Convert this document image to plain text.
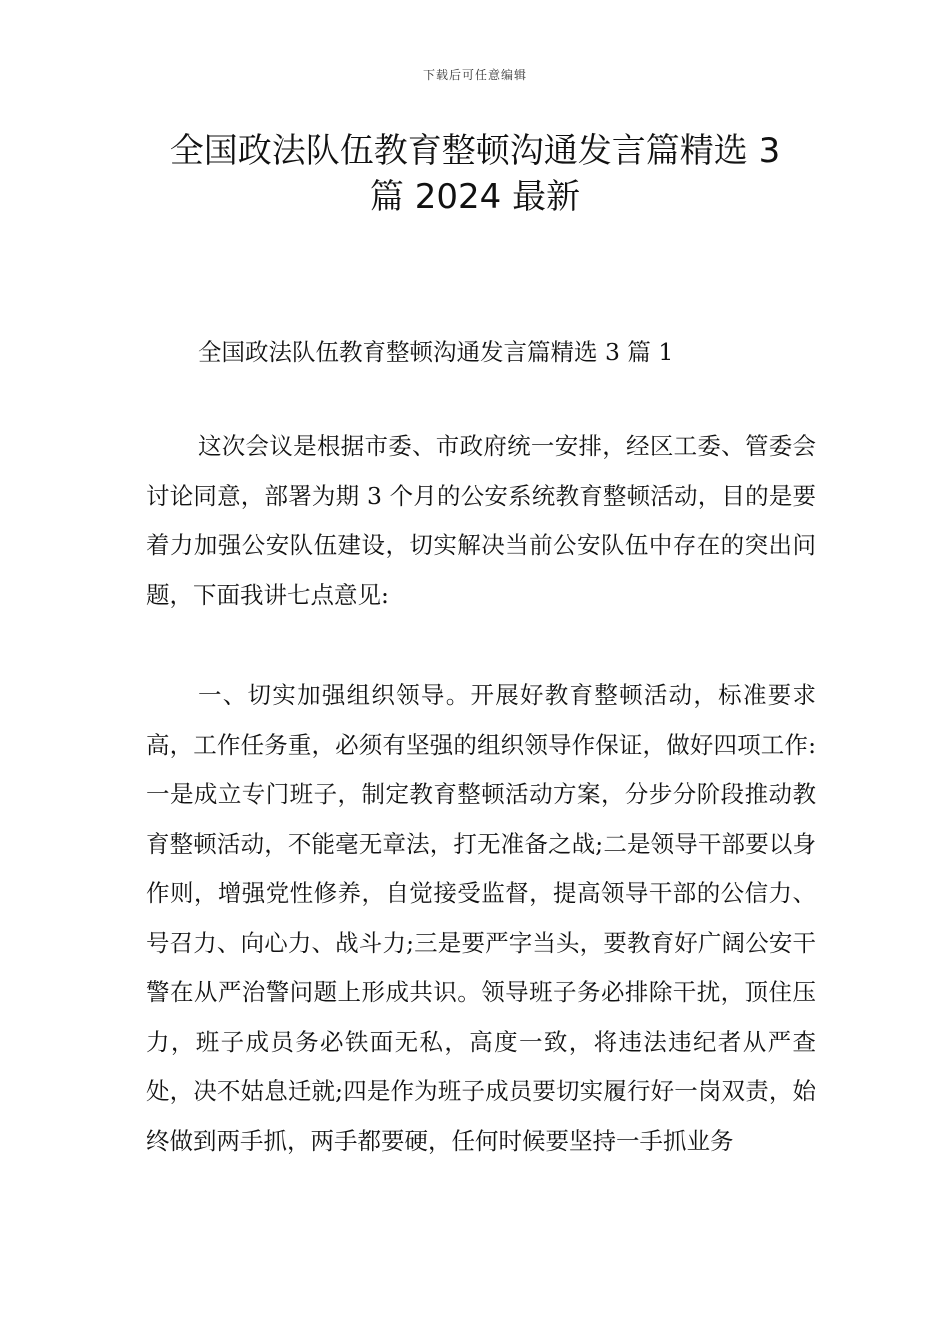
下载后可任意编辑
全国政法队伍教育整顿沟通发言篇精选 3
篇 2024 最新

全国政法队伍教育整顿沟通发言篇精选 3 篇 1

这次会议是根据市委、市政府统一安排，经区工委、管委会讨论同意，部署为期 3 个月的公安系统教育整顿活动，目的是要着力加强公安队伍建设，切实解决当前公安队伍中存在的突出问题，下面我讲七点意见:

一、切实加强组织领导。开展好教育整顿活动，标准要求高，工作任务重，必须有坚强的组织领导作保证，做好四项工作:一是成立专门班子，制定教育整顿活动方案，分步分阶段推动教育整顿活动，不能毫无章法，打无准备之战;二是领导干部要以身作则，增强党性修养，自觉接受监督，提高领导干部的公信力、号召力、向心力、战斗力;三是要严字当头，要教育好广阔公安干警在从严治警问题上形成共识。领导班子务必排除干扰，顶住压力，班子成员务必铁面无私，高度一致，将违法违纪者从严查处，决不姑息迁就;四是作为班子成员要切实履行好一岗双责，始终做到两手抓，两手都要硬，任何时候要坚持一手抓业务
